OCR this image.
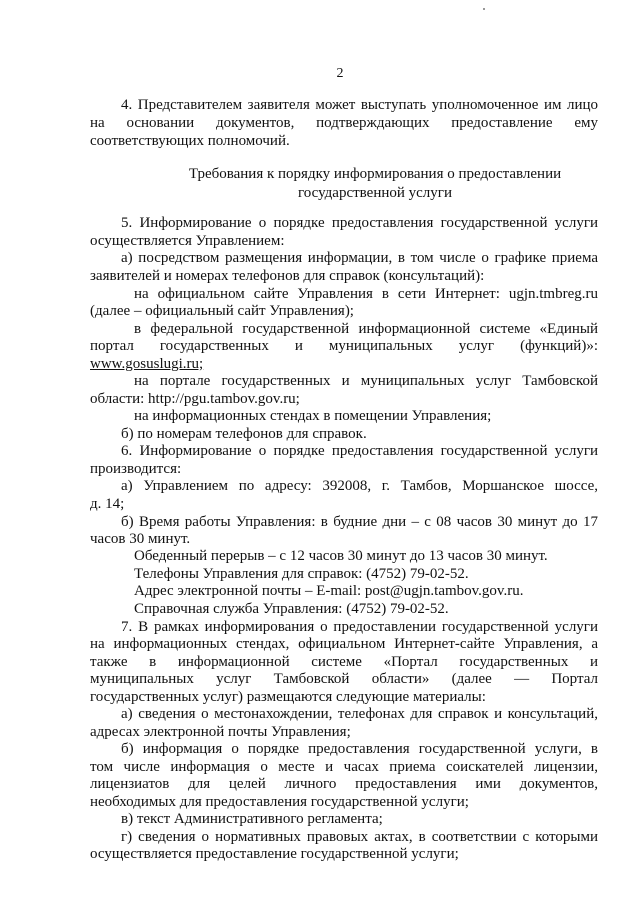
2
4. Представителем заявителя может выступать уполномоченное им лицо
на основании документов, подтверждающих предоставление ему
соответствующих полномочий.
Требования к порядку информирования о предоставлении
государственной услуги
5. Информирование о порядке предоставления государственной услуги
осуществляется Управлением:
а) посредством размещения информации, в том числе о графике приема
заявителей и номерах телефонов для справок (консультаций):
на официальном сайте Управления в сети Интернет: ugjn.tmbreg.ru
(далее – официальный сайт Управления);
в федеральной государственной информационной системе «Единый
портал государственных и муниципальных услуг (функций)»:
www.gosuslugi.ru;
на портале государственных и муниципальных услуг Тамбовской
области: http://pgu.tambov.gov.ru;
на информационных стендах в помещении Управления;
б) по номерам телефонов для справок.
6. Информирование о порядке предоставления государственной услуги
производится:
а) Управлением по адресу: 392008, г. Тамбов, Моршанское шоссе,
д. 14;
б) Время работы Управления: в будние дни – с 08 часов 30 минут до 17
часов 30 минут.
Обеденный перерыв – с 12 часов 30 минут до 13 часов 30 минут.
Телефоны Управления для справок: (4752) 79-02-52.
Адрес электронной почты – E-mail: post@ugjn.tambov.gov.ru.
Справочная служба Управления: (4752) 79-02-52.
7. В рамках информирования о предоставлении государственной услуги
на информационных стендах, официальном Интернет-сайте Управления, а
также в информационной системе «Портал государственных и
муниципальных услуг Тамбовской области» (далее — Портал
государственных услуг) размещаются следующие материалы:
а) сведения о местонахождении, телефонах для справок и консультаций,
адресах электронной почты Управления;
б) информация о порядке предоставления государственной услуги, в
том числе информация о месте и часах приема соискателей лицензии,
лицензиатов для целей личного предоставления ими документов,
необходимых для предоставления государственной услуги;
в) текст Административного регламента;
г) сведения о нормативных правовых актах, в соответствии с которыми
осуществляется предоставление государственной услуги;
